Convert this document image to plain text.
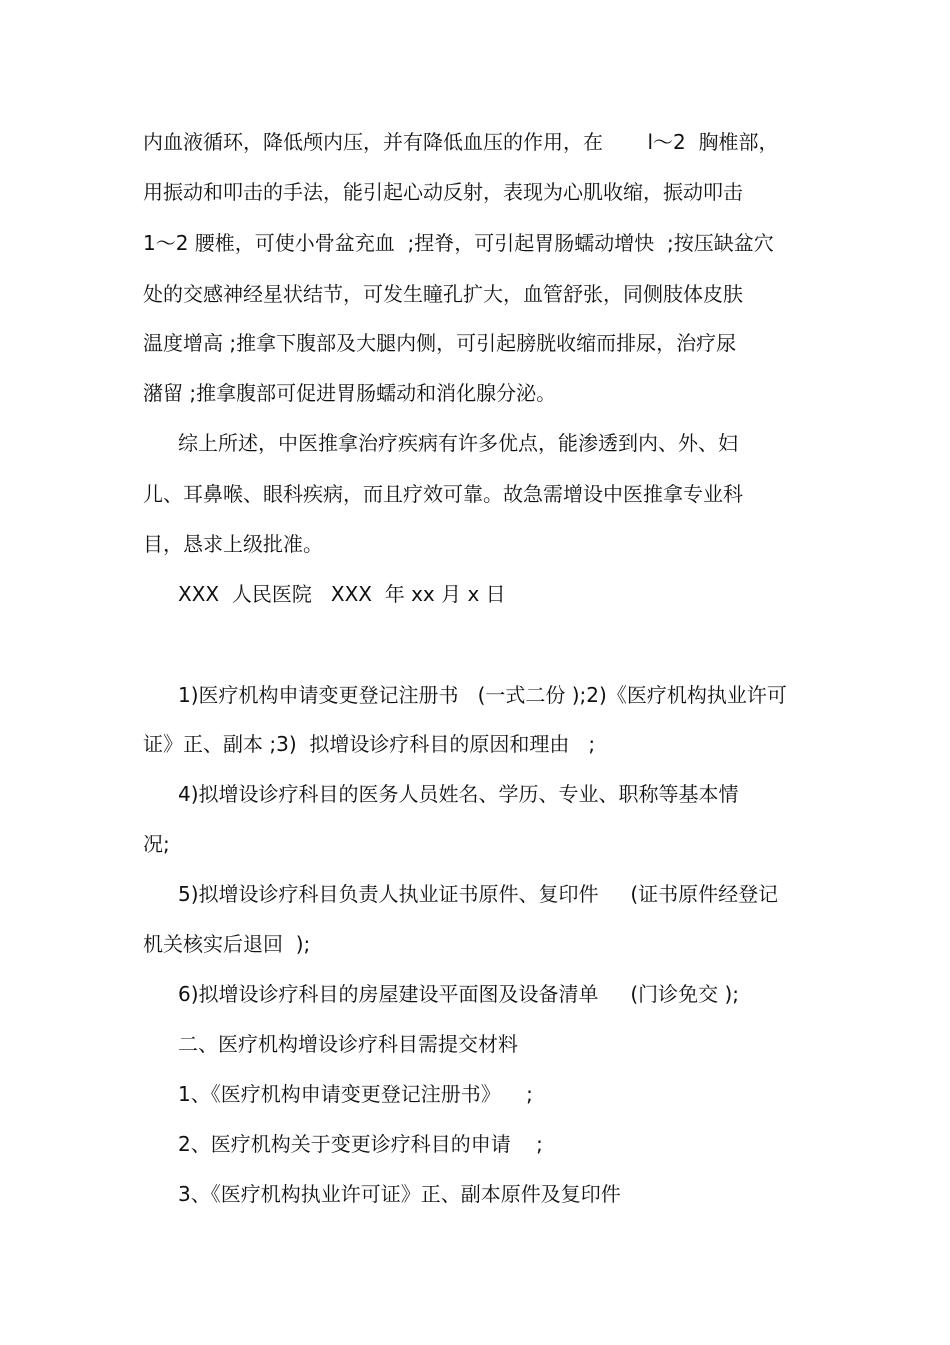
内血液循环，降低颅内压，并有降低血压的作用，在       l～2  胸椎部，
用振动和叩击的手法，能引起心动反射，表现为心肌收缩，振动叩击
1～2 腰椎，可使小骨盆充血  ;捏脊，可引起胃肠蠕动增快  ;按压缺盆穴
处的交感神经星状结节，可发生瞳孔扩大，血管舒张，同侧肢体皮肤
温度增高 ;推拿下腹部及大腿内侧，可引起膀胱收缩而排尿，治疗尿
潴留 ;推拿腹部可促进胃肠蠕动和消化腺分泌。
综上所述，中医推拿治疗疾病有许多优点，能渗透到内、外、妇
儿、耳鼻喉、眼科疾病，而且疗效可靠。故急需增设中医推拿专业科
目，恳求上级批准。
XXX  人民医院   XXX  年 xx 月 x 日
1)医疗机构申请变更登记注册书   (一式二份 );2)《医疗机构执业许可
证》正、副本 ;3)  拟增设诊疗科目的原因和理由   ;
4)拟增设诊疗科目的医务人员姓名、学历、专业、职称等基本情
况;
5)拟增设诊疗科目负责人执业证书原件、复印件     (证书原件经登记
机关核实后退回  );
6)拟增设诊疗科目的房屋建设平面图及设备清单     (门诊免交 );
二、医疗机构增设诊疗科目需提交材料
1、《医疗机构申请变更登记注册书》    ;
2、医疗机构关于变更诊疗科目的申请    ;
3、《医疗机构执业许可证》正、副本原件及复印件
